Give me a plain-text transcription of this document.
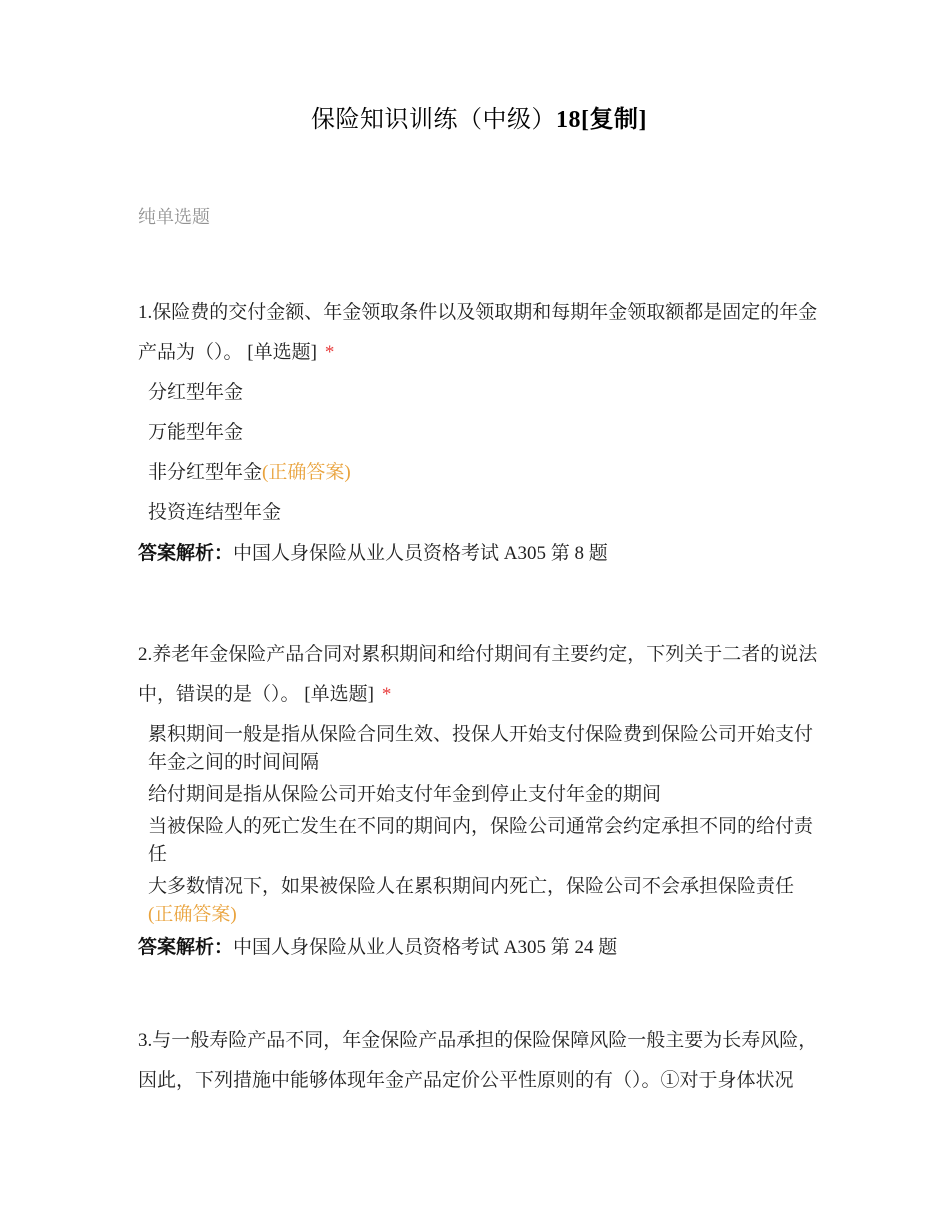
保险知识训练（中级）18[复制]
纯单选题

1.保险费的交付金额、年金领取条件以及领取期和每期年金领取额都是固定的年金
产品为（）。 [单选题] *

分红型年金
万能型年金
非分红型年金(正确答案)
投资连结型年金

答案解析：中国人身保险从业人员资格考试 A305 第 8 题

2.养老年金保险产品合同对累积期间和给付期间有主要约定，下列关于二者的说法
中，错误的是（）。 [单选题] *

累积期间一般是指从保险合同生效、投保人开始支付保险费到保险公司开始支付
年金之间的时间间隔
给付期间是指从保险公司开始支付年金到停止支付年金的期间
当被保险人的死亡发生在不同的期间内，保险公司通常会约定承担不同的给付责
任
大多数情况下，如果被保险人在累积期间内死亡，保险公司不会承担保险责任
(正确答案)

答案解析：中国人身保险从业人员资格考试 A305 第 24 题

3.与一般寿险产品不同，年金保险产品承担的保险保障风险一般主要为长寿风险，
因此，下列措施中能够体现年金产品定价公平性原则的有（）。①对于身体状况
